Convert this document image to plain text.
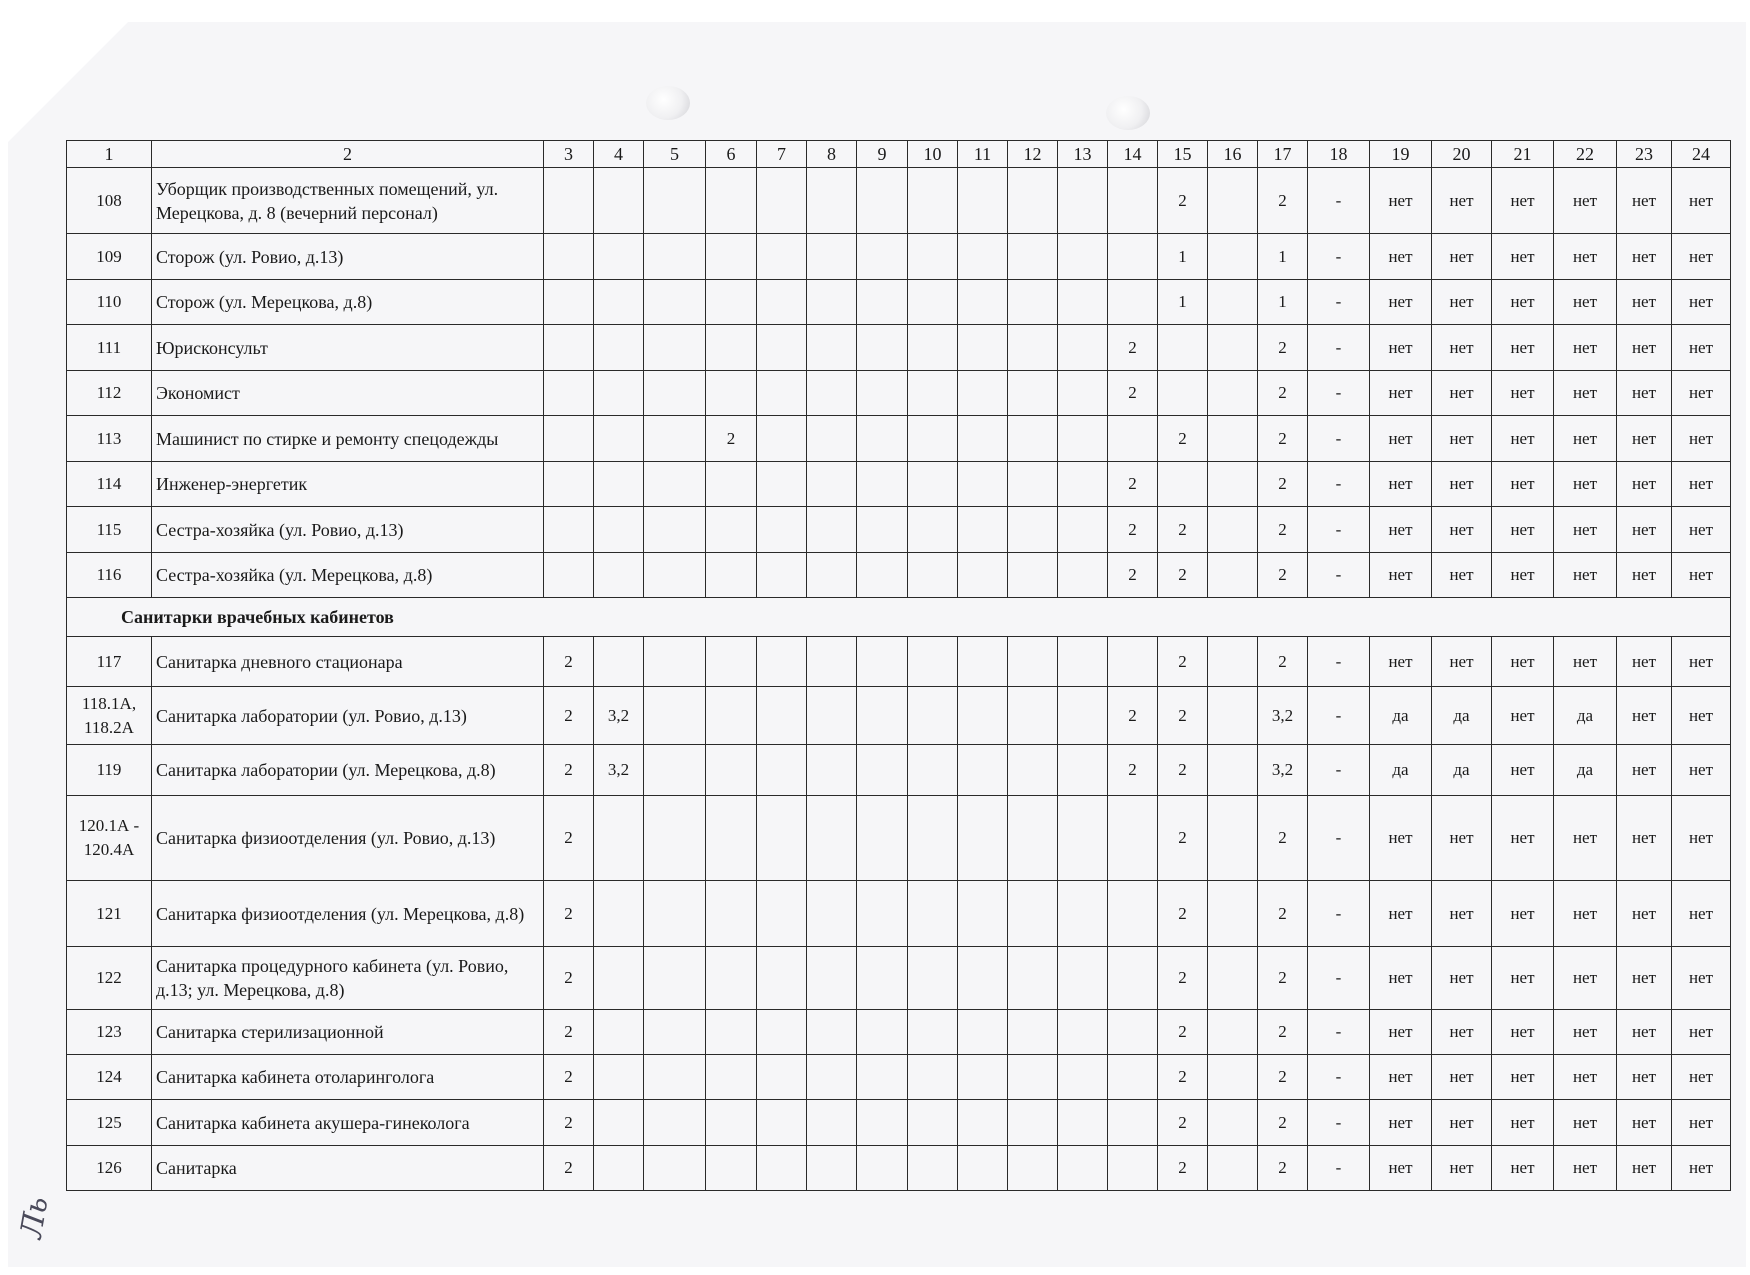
1	2	3	4	5	6	7	8	9	10	11	12	13	14	15	16	17	18	19	20	21	22	23	24
108	Уборщик производственных помещений, ул. Мерецкова, д. 8 (вечерний персонал)													2		2	-	нет	нет	нет	нет	нет	нет
109	Сторож (ул. Ровио, д.13)													1		1	-	нет	нет	нет	нет	нет	нет
110	Сторож (ул. Мерецкова, д.8)													1		1	-	нет	нет	нет	нет	нет	нет
111	Юрисконсульт												2			2	-	нет	нет	нет	нет	нет	нет
112	Экономист												2			2	-	нет	нет	нет	нет	нет	нет
113	Машинист по стирке и ремонту спецодежды				2									2		2	-	нет	нет	нет	нет	нет	нет
114	Инженер-энергетик												2			2	-	нет	нет	нет	нет	нет	нет
115	Сестра-хозяйка (ул. Ровио, д.13)												2	2		2	-	нет	нет	нет	нет	нет	нет
116	Сестра-хозяйка (ул. Мерецкова, д.8)												2	2		2	-	нет	нет	нет	нет	нет	нет
Санитарки врачебных кабинетов																							
117	Санитарка дневного стационара	2												2		2	-	нет	нет	нет	нет	нет	нет
118.1А, 118.2А	Санитарка лаборатории (ул. Ровио, д.13)	2	3,2										2	2		3,2	-	да	да	нет	да	нет	нет
119	Санитарка лаборатории (ул. Мерецкова, д.8)	2	3,2										2	2		3,2	-	да	да	нет	да	нет	нет
120.1А - 120.4А	Санитарка физиоотделения (ул. Ровио, д.13)	2												2		2	-	нет	нет	нет	нет	нет	нет
121	Санитарка физиоотделения (ул. Мерецкова, д.8)	2												2		2	-	нет	нет	нет	нет	нет	нет
122	Санитарка процедурного кабинета (ул. Ровио, д.13; ул. Мерецкова, д.8)	2												2		2	-	нет	нет	нет	нет	нет	нет
123	Санитарка стерилизационной	2												2		2	-	нет	нет	нет	нет	нет	нет
124	Санитарка кабинета отоларинголога	2												2		2	-	нет	нет	нет	нет	нет	нет
125	Санитарка кабинета акушера-гинеколога	2												2		2	-	нет	нет	нет	нет	нет	нет
126	Санитарка	2												2		2	-	нет	нет	нет	нет	нет	нет
Ль
